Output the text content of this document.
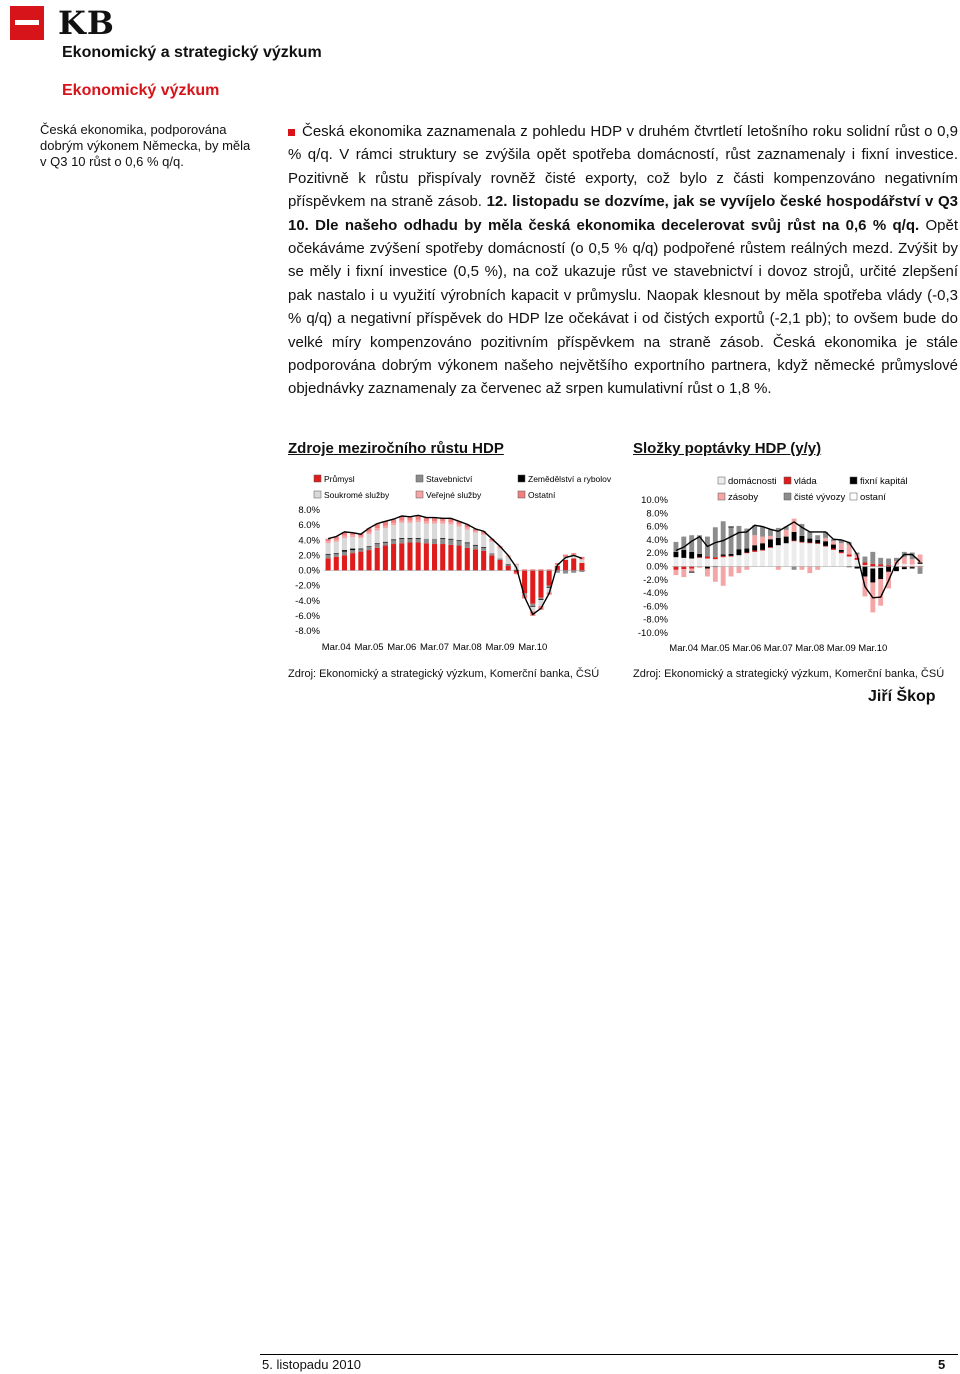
KB
Ekonomický a strategický výzkum
Ekonomický výzkum
Česká ekonomika, podporována dobrým výkonem Německa, by měla v Q3 10 růst o 0,6 % q/q.
Česká ekonomika zaznamenala z pohledu HDP v druhém čtvrtletí letošního roku solidní růst o 0,9 % q/q. V rámci struktury se zvýšila opět spotřeba domácností, růst zaznamenaly i fixní investice. Pozitivně k růstu přispívaly rovněž čisté exporty, což bylo z části kompenzováno negativním příspěvkem na straně zásob. 12. listopadu se dozvíme, jak se vyvíjelo české hospodářství v Q3 10. Dle našeho odhadu by měla česká ekonomika decelerovat svůj růst na 0,6 % q/q. Opět očekáváme zvýšení spotřeby domácností (o 0,5 % q/q) podpořené růstem reálných mezd. Zvýšit by se měly i fixní investice (0,5 %), na což ukazuje růst ve stavebnictví i dovoz strojů, určité zlepšení pak nastalo i u využití výrobních kapacit v průmyslu. Naopak klesnout by měla spotřeba vlády (-0,3 % q/q) a negativní příspěvek do HDP lze očekávat i od čistých exportů (-2,1 pb); to ovšem bude do velké míry kompenzováno pozitivním příspěvkem na straně zásob. Česká ekonomika je stále podporována dobrým výkonem našeho největšího exportního partnera, když německé průmyslové objednávky zaznamenaly za červenec až srpen kumulativní růst o 1,8 %.
Zdroje meziročního růstu HDP	Složky poptávky HDP (y/y)
Průmysl	Stavebnictví	Zemědělství a rybolov
Soukromé služby	Veřejné služby	Ostatní
8.0%
6.0%
4.0%
2.0%
0.0%
-2.0%
-4.0%
-6.0%
-8.0%
Mar.04 Mar.05 Mar.06 Mar.07 Mar.08 Mar.09 Mar.10
domácnosti vláda	fixní kapitál
zásoby	čisté vývozy ostaní
10.0%
8.0%
6.0%
4.0%
2.0%
0.0%
-2.0%
-4.0%
-6.0%
-8.0%
-10.0%
Mar.04 Mar.05 Mar.06 Mar.07 Mar.08 Mar.09 Mar.10
Zdroj: Ekonomický a strategický výzkum, Komerční banka, ČSÚ	Zdroj: Ekonomický a strategický výzkum, Komerční banka, ČSÚ
Jiří Škop
5. listopadu 2010	5
